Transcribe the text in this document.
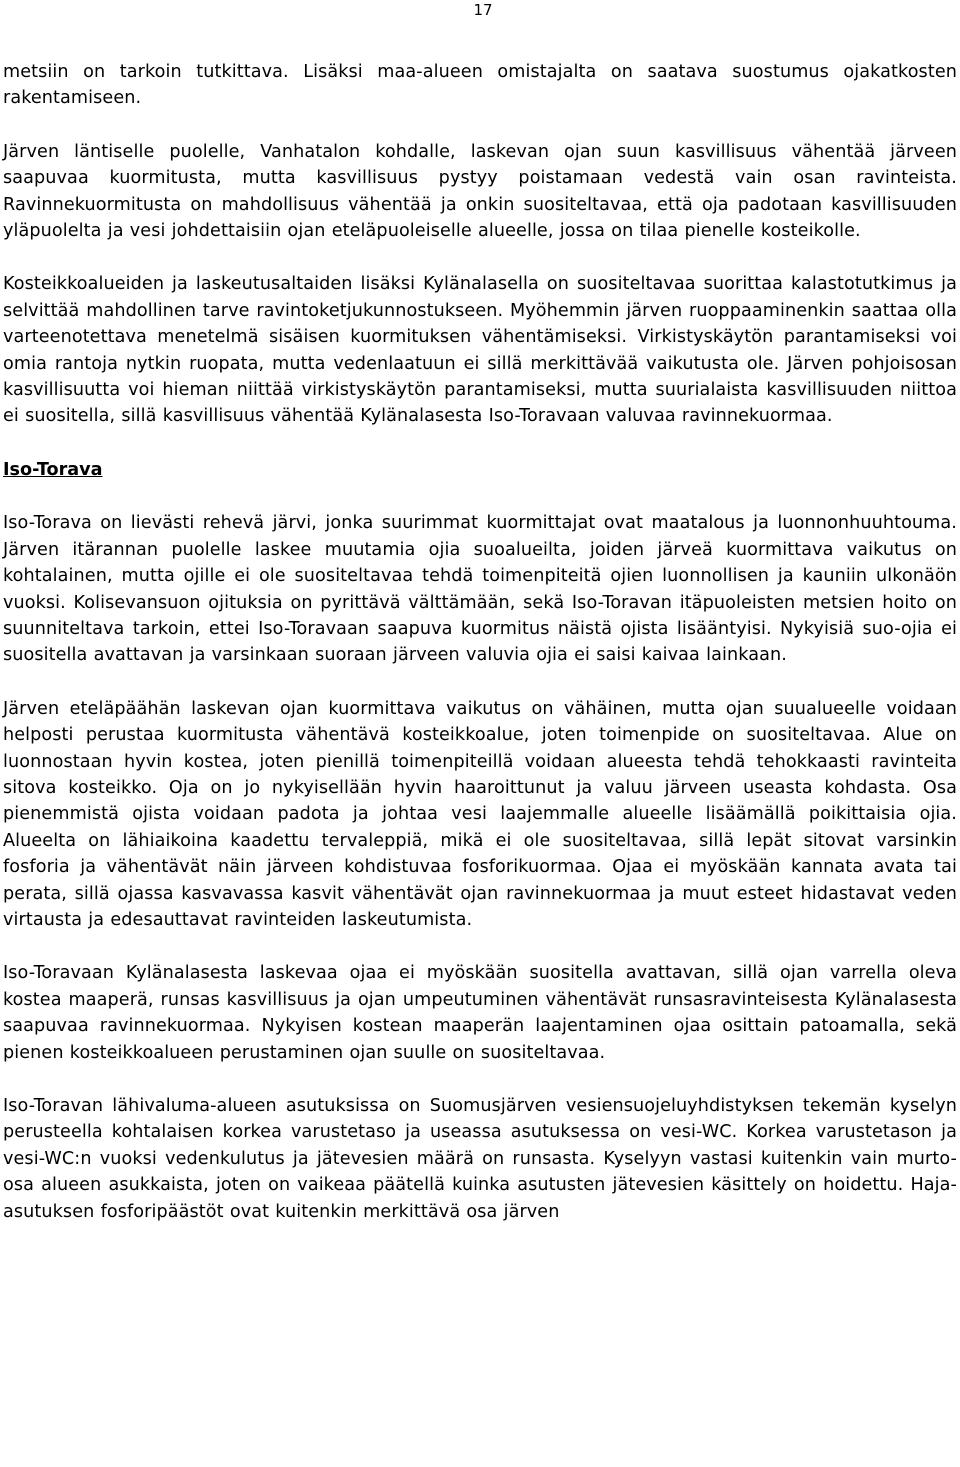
17

metsiin on tarkoin tutkittava. Lisäksi maa-alueen omistajalta on saatava suostumus ojakatkosten rakentamiseen.

Järven läntiselle puolelle, Vanhatalon kohdalle, laskevan ojan suun kasvillisuus vähentää järveen saapuvaa kuormitusta, mutta kasvillisuus pystyy poistamaan vedestä vain osan ravinteista. Ravinnekuormitusta on mahdollisuus vähentää ja onkin suositeltavaa, että oja padotaan kasvillisuuden yläpuolelta ja vesi johdettaisiin ojan eteläpuoleiselle alueelle, jossa on tilaa pienelle kosteikolle.

Kosteikkoalueiden ja laskeutusaltaiden lisäksi Kylänalasella on suositeltavaa suorittaa kalastotutkimus ja selvittää mahdollinen tarve ravintoketjukunnostukseen. Myöhemmin järven ruoppaaminenkin saattaa olla varteenotettava menetelmä sisäisen kuormituksen vähentämiseksi. Virkistyskäytön parantamiseksi voi omia rantoja nytkin ruopata, mutta vedenlaatuun ei sillä merkittävää vaikutusta ole. Järven pohjoisosan kasvillisuutta voi hieman niittää virkistyskäytön parantamiseksi, mutta suurialaista kasvillisuuden niittoa ei suositella, sillä kasvillisuus vähentää Kylänalasesta Iso-Toravaan valuvaa ravinnekuormaa.

Iso-Torava

Iso-Torava on lievästi rehevä järvi, jonka suurimmat kuormittajat ovat maatalous ja luonnonhuuhtouma. Järven itärannan puolelle laskee muutamia ojia suoalueilta, joiden järveä kuormittava vaikutus on kohtalainen, mutta ojille ei ole suositeltavaa tehdä toimenpiteitä ojien luonnollisen ja kauniin ulkonäön vuoksi. Kolisevansuon ojituksia on pyrittävä välttämään, sekä Iso-Toravan itäpuoleisten metsien hoito on suunniteltava tarkoin, ettei Iso-Toravaan saapuva kuormitus näistä ojista lisääntyisi. Nykyisiä suo-ojia ei suositella avattavan ja varsinkaan suoraan järveen valuvia ojia ei saisi kaivaa lainkaan.

Järven eteläpäähän laskevan ojan kuormittava vaikutus on vähäinen, mutta ojan suualueelle voidaan helposti perustaa kuormitusta vähentävä kosteikkoalue, joten toimenpide on suositeltavaa. Alue on luonnostaan hyvin kostea, joten pienillä toimenpiteillä voidaan alueesta tehdä tehokkaasti ravinteita sitova kosteikko. Oja on jo nykyisellään hyvin haaroittunut ja valuu järveen useasta kohdasta. Osa pienemmistä ojista voidaan padota ja johtaa vesi laajemmalle alueelle lisäämällä poikittaisia ojia. Alueelta on lähiaikoina kaadettu tervaleppiä, mikä ei ole suositeltavaa, sillä lepät sitovat varsinkin fosforia ja vähentävät näin järveen kohdistuvaa fosforikuormaa. Ojaa ei myöskään kannata avata tai perata, sillä ojassa kasvavassa kasvit vähentävät ojan ravinnekuormaa ja muut esteet hidastavat veden virtausta ja edesauttavat ravinteiden laskeutumista.

Iso-Toravaan Kylänalasesta laskevaa ojaa ei myöskään suositella avattavan, sillä ojan varrella oleva kostea maaperä, runsas kasvillisuus ja ojan umpeutuminen vähentävät runsasravinteisesta Kylänalasesta saapuvaa ravinnekuormaa. Nykyisen kostean maaperän laajentaminen ojaa osittain patoamalla, sekä pienen kosteikkoalueen perustaminen ojan suulle on suositeltavaa.

Iso-Toravan lähivaluma-alueen asutuksissa on Suomusjärven vesiensuojeluyhdistyksen tekemän kyselyn perusteella kohtalaisen korkea varustetaso ja useassa asutuksessa on vesi-WC. Korkea varustetason ja vesi-WC:n vuoksi vedenkulutus ja jätevesien määrä on runsasta. Kyselyyn vastasi kuitenkin vain murto-osa alueen asukkaista, joten on vaikeaa päätellä kuinka asutusten jätevesien käsittely on hoidettu. Haja-asutuksen fosforipäästöt ovat kuitenkin merkittävä osa järven
